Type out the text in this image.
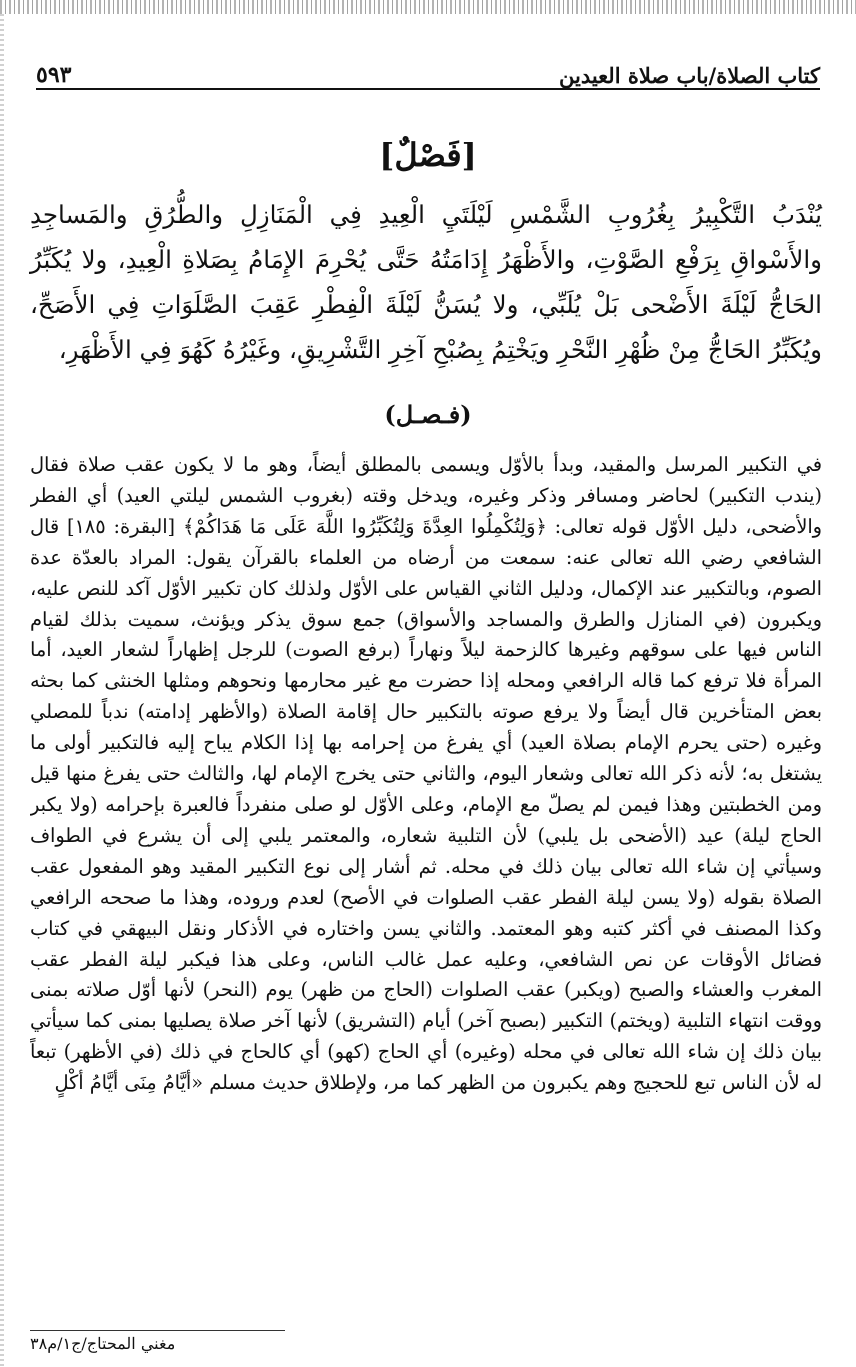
كتاب الصلاة/باب صلاة العيدين
٥٩٣
[فَصْلٌ]

يُنْدَبُ التَّكْبِيرُ بِغُرُوبِ الشَّمْسِ لَيْلَتَيِ الْعِيدِ فِي الْمَنَازِلِ والطُّرُقِ والمَساجِدِ والأَسْواقِ بِرَفْعِ الصَّوْتِ، والأَظْهَرُ إِدَامَتُهُ حَتَّى يُحْرِمَ الإِمَامُ بِصَلاةِ الْعِيدِ، ولا يُكَبِّرُ الحَاجُّ لَيْلَةَ الأَضْحى بَلْ يُلَبِّي، ولا يُسَنُّ لَيْلَةَ الْفِطْرِ عَقِبَ الصَّلَوَاتِ فِي الأَصَحِّ، ويُكَبِّرُ الحَاجُّ مِنْ ظُهْرِ النَّحْرِ ويَخْتِمُ بِصُبْحِ آخِرِ التَّشْرِيقِ، وغَيْرُهُ كَهُوَ فِي الأَظْهَرِ،

(فـصـل)

في التكبير المرسل والمقيد، وبدأ بالأوّل ويسمى بالمطلق أيضاً، وهو ما لا يكون عقب صلاة فقال (يندب التكبير) لحاضر ومسافر وذكر وغيره، ويدخل وقته (بغروب الشمس ليلتي العيد) أي الفطر والأضحى، دليل الأوّل قوله تعالى: ﴿وَلِتُكْمِلُوا العِدَّةَ وَلِتُكَبِّرُوا اللَّهَ عَلَى مَا هَدَاكُمْ﴾ [البقرة: ١٨٥] قال الشافعي رضي الله تعالى عنه: سمعت من أرضاه من العلماء بالقرآن يقول: المراد بالعدّة عدة الصوم، وبالتكبير عند الإكمال، ودليل الثاني القياس على الأوّل ولذلك كان تكبير الأوّل آكد للنص عليه، ويكبرون (في المنازل والطرق والمساجد والأسواق) جمع سوق يذكر ويؤنث، سميت بذلك لقيام الناس فيها على سوقهم وغيرها كالزحمة ليلاً ونهاراً (برفع الصوت) للرجل إظهاراً لشعار العيد، أما المرأة فلا ترفع كما قاله الرافعي ومحله إذا حضرت مع غير محارمها ونحوهم ومثلها الخنثى كما بحثه بعض المتأخرين قال أيضاً ولا يرفع صوته بالتكبير حال إقامة الصلاة (والأظهر إدامته) ندباً للمصلي وغيره (حتى يحرم الإمام بصلاة العيد) أي يفرغ من إحرامه بها إذا الكلام يباح إليه فالتكبير أولى ما يشتغل به؛ لأنه ذكر الله تعالى وشعار اليوم، والثاني حتى يخرج الإمام لها، والثالث حتى يفرغ منها قيل ومن الخطبتين وهذا فيمن لم يصلّ مع الإمام، وعلى الأوّل لو صلى منفرداً فالعبرة بإحرامه (ولا يكبر الحاج ليلة) عيد (الأضحى بل يلبي) لأن التلبية شعاره، والمعتمر يلبي إلى أن يشرع في الطواف وسيأتي إن شاء الله تعالى بيان ذلك في محله. ثم أشار إلى نوع التكبير المقيد وهو المفعول عقب الصلاة بقوله (ولا يسن ليلة الفطر عقب الصلوات في الأصح) لعدم وروده، وهذا ما صححه الرافعي وكذا المصنف في أكثر كتبه وهو المعتمد. والثاني يسن واختاره في الأذكار ونقل البيهقي في كتاب فضائل الأوقات عن نص الشافعي، وعليه عمل غالب الناس، وعلى هذا فيكبر ليلة الفطر عقب المغرب والعشاء والصبح (ويكبر) عقب الصلوات (الحاج من ظهر) يوم (النحر) لأنها أوّل صلاته بمنى ووقت انتهاء التلبية (ويختم) التكبير (بصبح آخر) أيام (التشريق) لأنها آخر صلاة يصليها بمنى كما سيأتي بيان ذلك إن شاء الله تعالى في محله (وغيره) أي الحاج (كهو) أي كالحاج في ذلك (في الأظهر) تبعاً له لأن الناس تبع للحجيج وهم يكبرون من الظهر كما مر، ولإطلاق حديث مسلم «أيَّامُ مِنَى أيَّامُ أكْلٍ

مغني المحتاج/ج١/م٣٨
